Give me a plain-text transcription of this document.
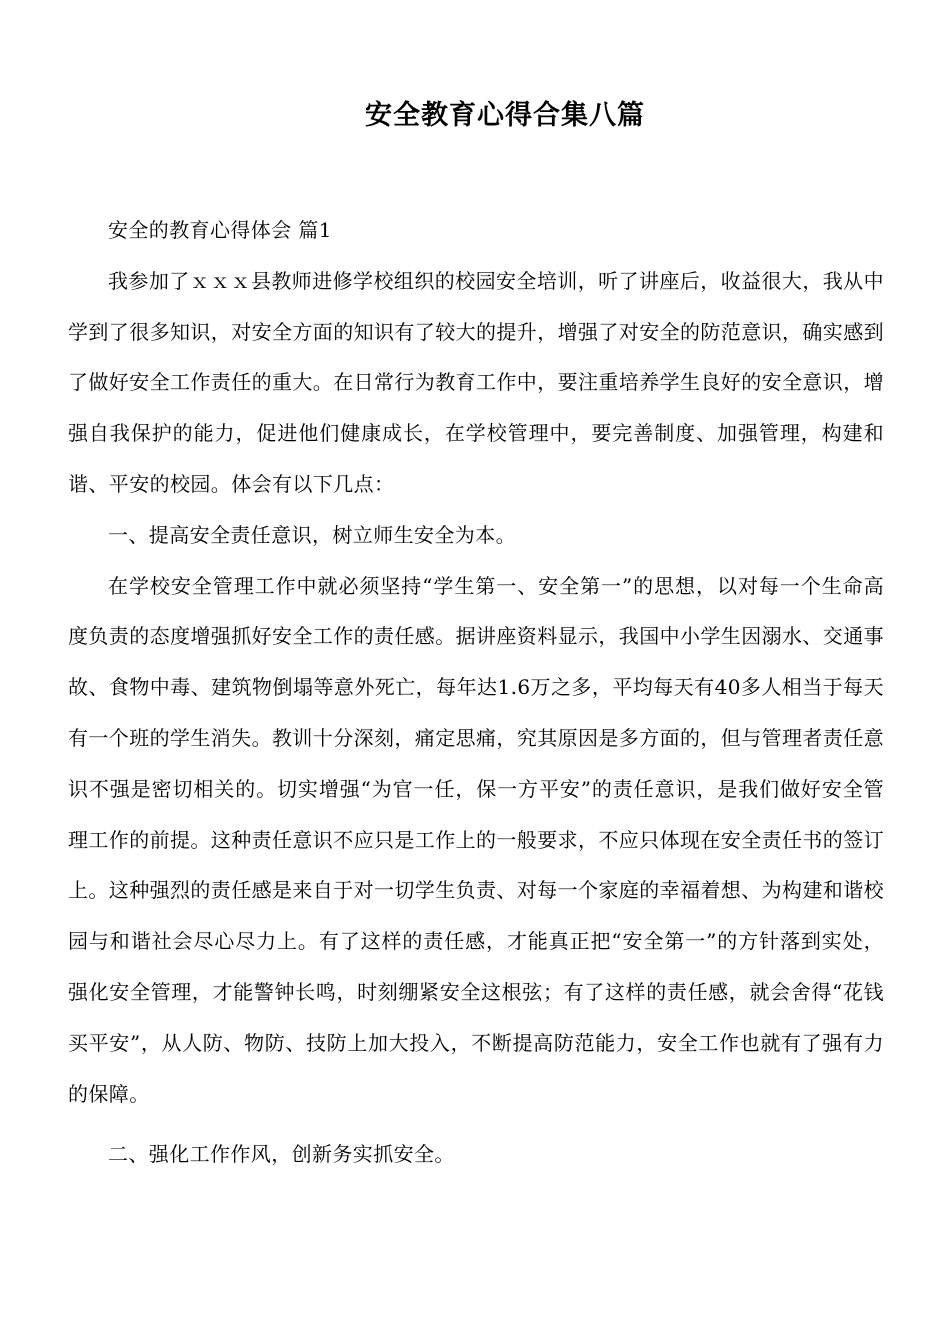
安全教育心得合集八篇

安全的教育心得体会 篇1

我参加了ｘｘｘ县教师进修学校组织的校园安全培训，听了讲座后，收益很大，我从中学到了很多知识，对安全方面的知识有了较大的提升，增强了对安全的防范意识，确实感到了做好安全工作责任的重大。在日常行为教育工作中，要注重培养学生良好的安全意识，增强自我保护的能力，促进他们健康成长，在学校管理中，要完善制度、加强管理，构建和谐、平安的校园。体会有以下几点：

一、提高安全责任意识，树立师生安全为本。

在学校安全管理工作中就必须坚持“学生第一、安全第一”的思想，以对每一个生命高度负责的态度增强抓好安全工作的责任感。据讲座资料显示，我国中小学生因溺水、交通事故、食物中毒、建筑物倒塌等意外死亡，每年达1.6万之多，平均每天有40多人相当于每天有一个班的学生消失。教训十分深刻，痛定思痛，究其原因是多方面的，但与管理者责任意识不强是密切相关的。切实增强“为官一任，保一方平安”的责任意识，是我们做好安全管理工作的前提。这种责任意识不应只是工作上的一般要求，不应只体现在安全责任书的签订上。这种强烈的责任感是来自于对一切学生负责、对每一个家庭的幸福着想、为构建和谐校园与和谐社会尽心尽力上。有了这样的责任感，才能真正把“安全第一”的方针落到实处，强化安全管理，才能警钟长鸣，时刻绷紧安全这根弦；有了这样的责任感，就会舍得“花钱买平安”，从人防、物防、技防上加大投入，不断提高防范能力，安全工作也就有了强有力的保障。

二、强化工作作风，创新务实抓安全。
